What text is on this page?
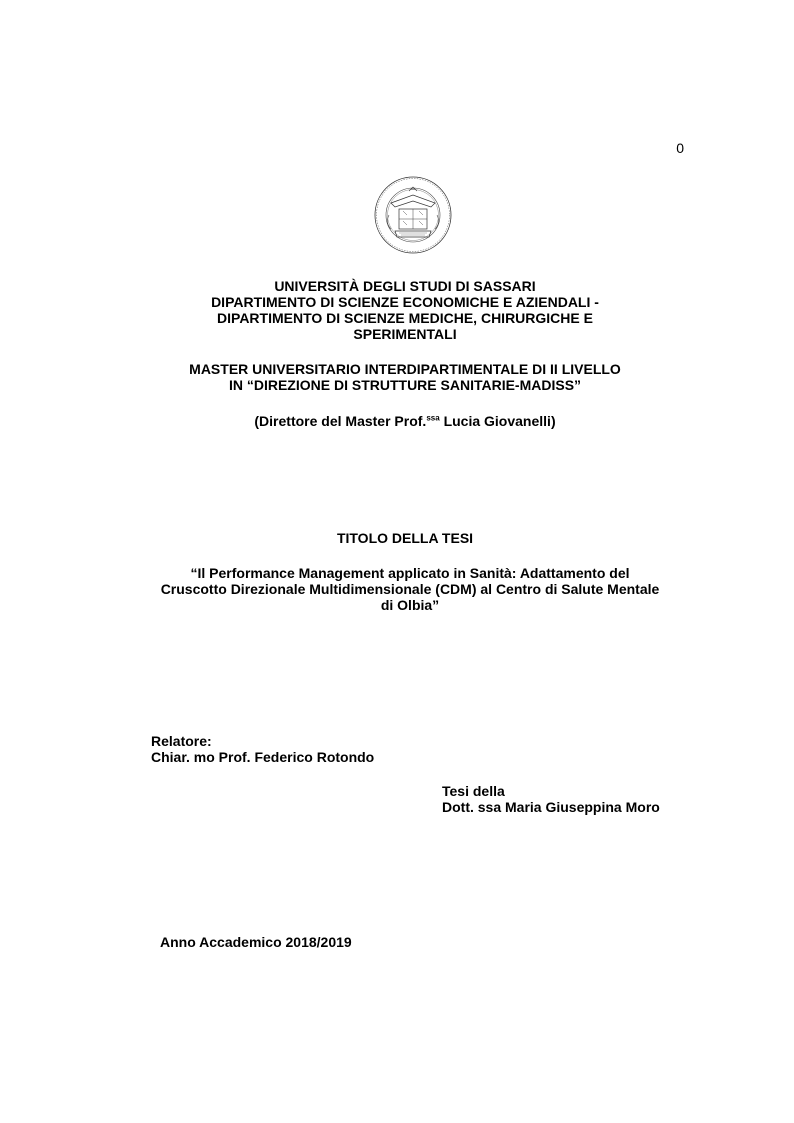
0
UNIVERSITÀ DEGLI STUDI DI SASSARI
DIPARTIMENTO DI SCIENZE ECONOMICHE E AZIENDALI -
DIPARTIMENTO DI SCIENZE MEDICHE, CHIRURGICHE E
SPERIMENTALI
MASTER UNIVERSITARIO INTERDIPARTIMENTALE DI II LIVELLO
IN “DIREZIONE DI STRUTTURE SANITARIE-MADISS”
(Direttore del Master Prof.$^{ssa}$ Lucia Giovanelli)
TITOLO DELLA TESI
“Il Performance Management applicato in Sanità: Adattamento del
Cruscotto Direzionale Multidimensionale (CDM) al Centro di Salute Mentale
di Olbia”
Relatore:
Chiar. mo Prof. Federico Rotondo
Tesi della
Dott. ssa Maria Giuseppina Moro
Anno Accademico 2018/2019
